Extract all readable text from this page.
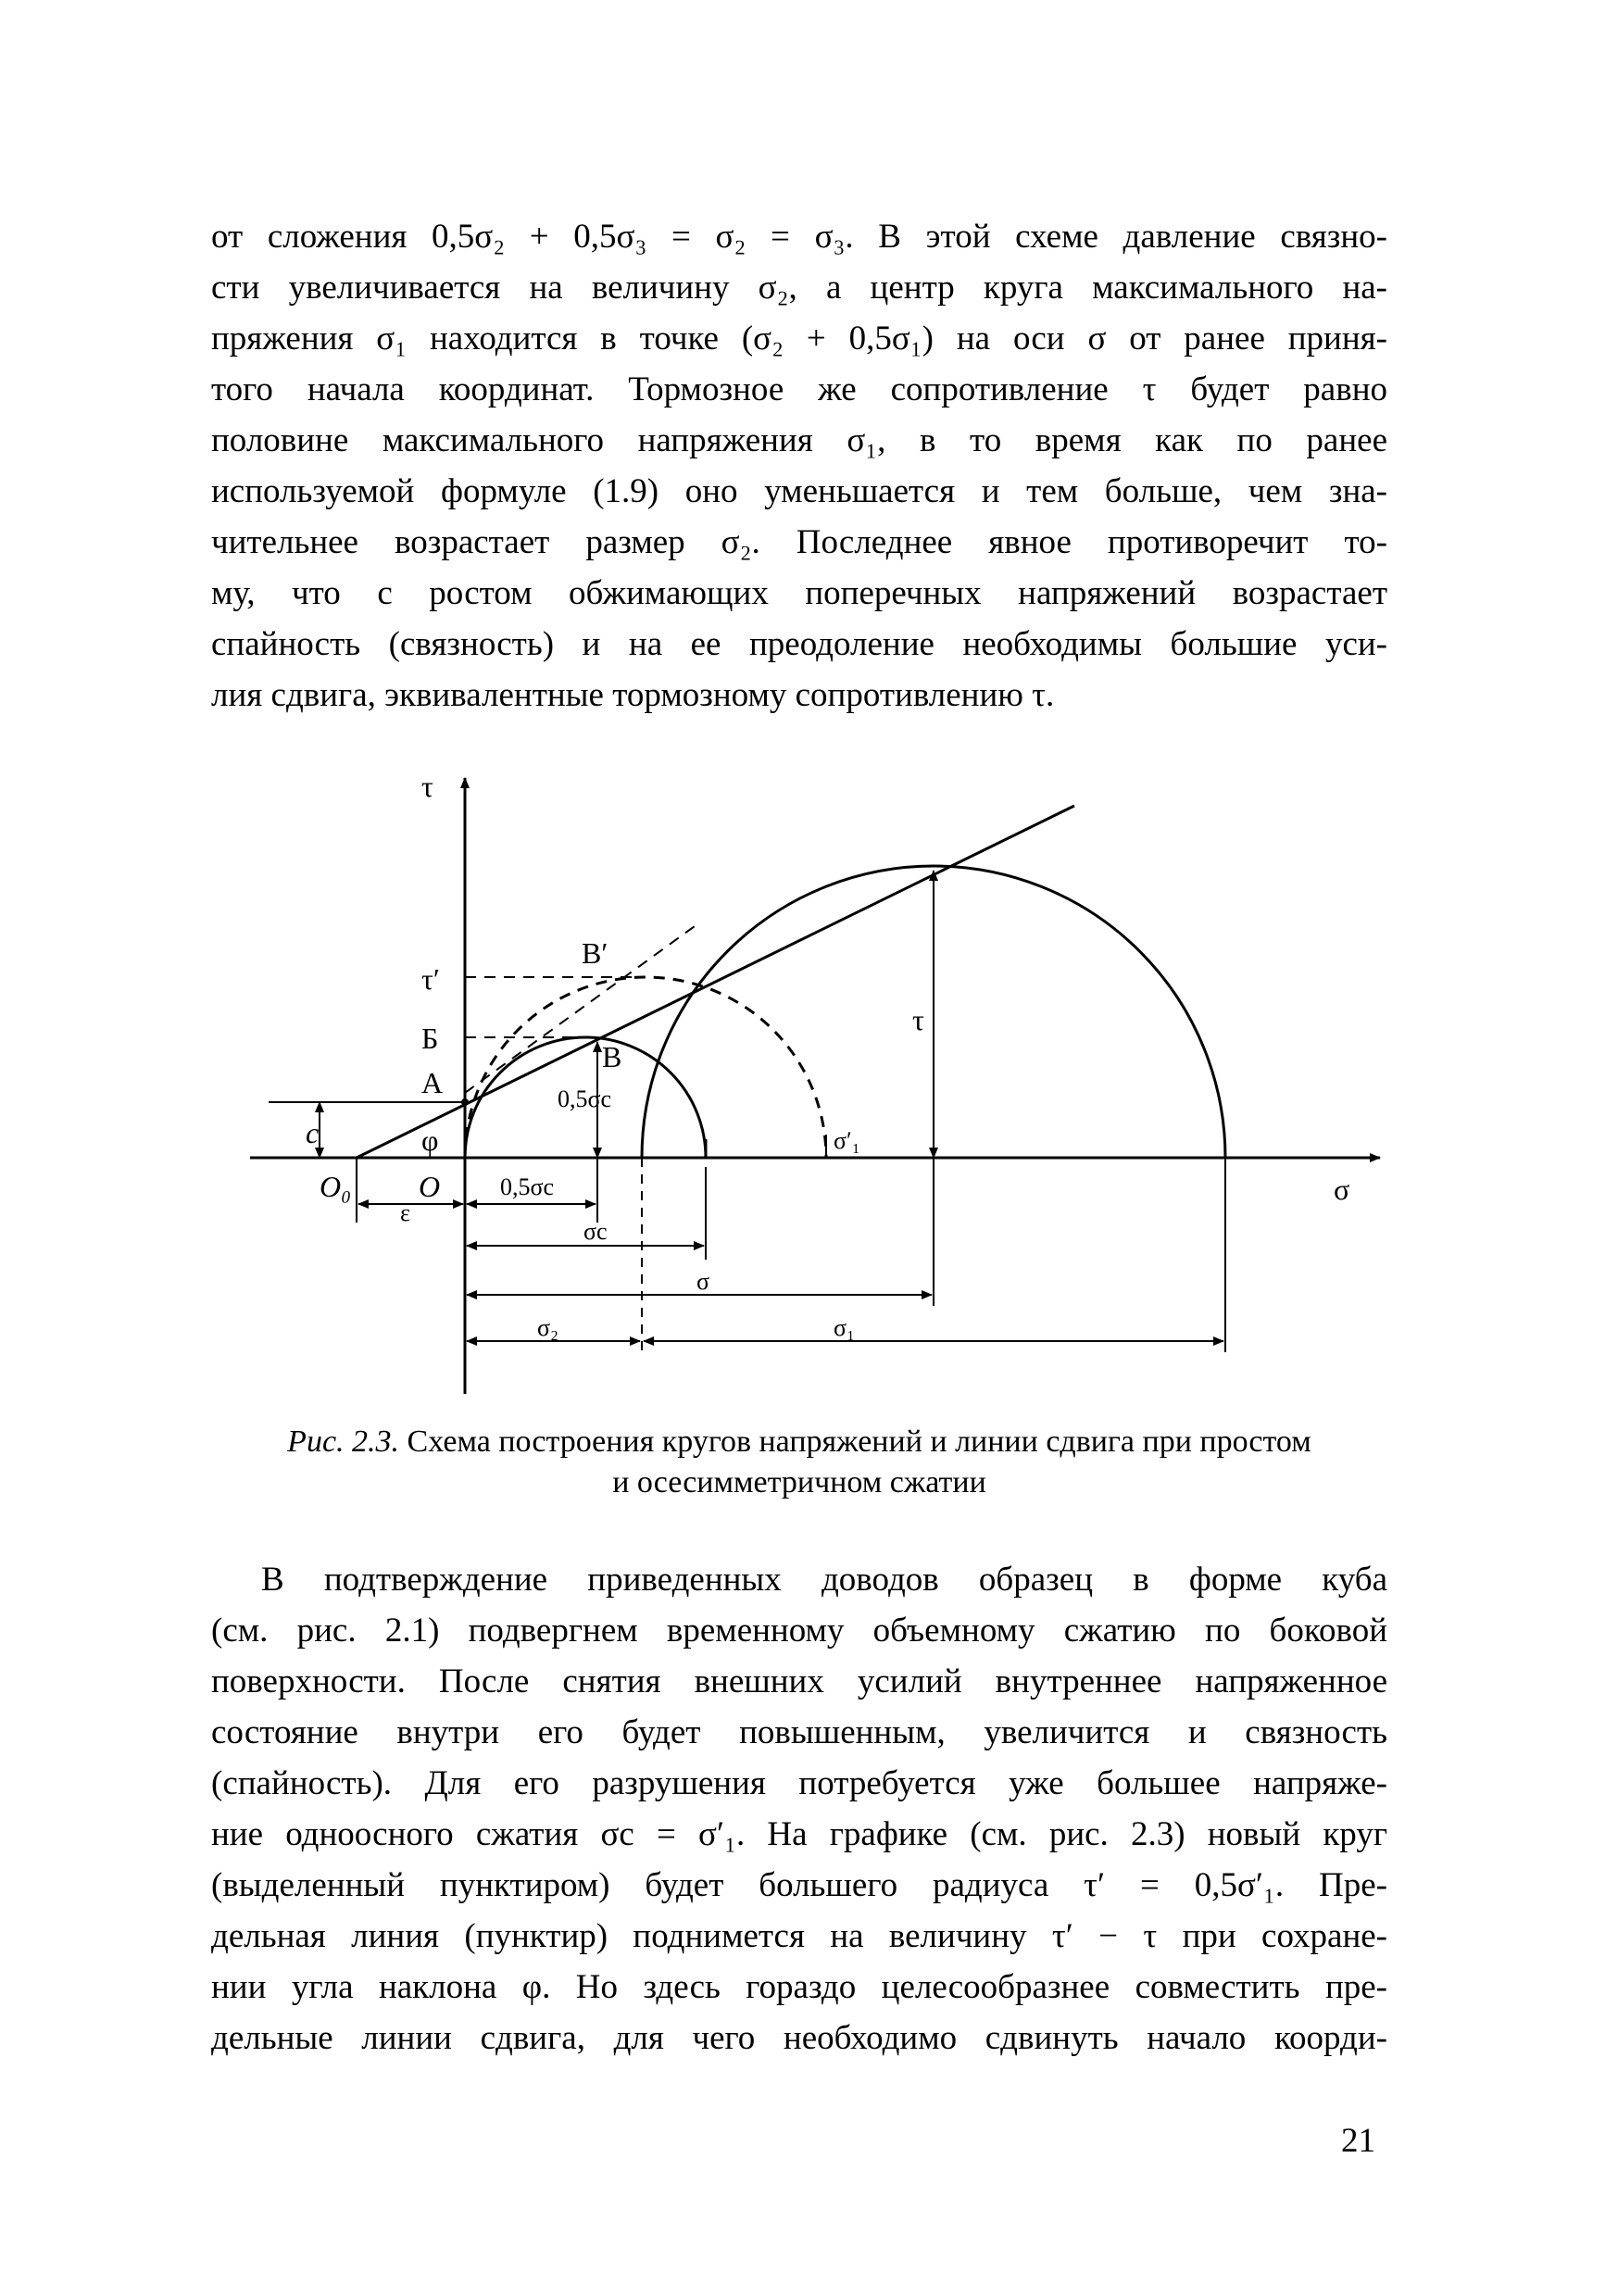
от сложения 0,5σ₂ + 0,5σ₃ = σ₂ = σ₃. В этой схеме давление связно-
сти увеличивается на величину σ₂, а центр круга максимального на-
пряжения σ₁ находится в точке (σ₂ + 0,5σ₁) на оси σ от ранее приня-
того начала координат. Тормозное же сопротивление τ будет равно
половине максимального напряжения σ₁, в то время как по ранее
используемой формуле (1.9) оно уменьшается и тем больше, чем зна-
чительнее возрастает размер σ₂. Последнее явное противоречит то-
му, что с ростом обжимающих поперечных напряжений возрастает
спайность (связность) и на ее преодоление необходимы большие уси-
лия сдвига, эквивалентные тормозному сопротивлению τ.
τ
σ
τ′
Б
А
c	φ
O₀ O
B′
В
0,5σc
σ′₁
τ
ε
0,5σc
σc
σ
σ₂	σ₁
Рис. 2.3. Схема построения кругов напряжений и линии сдвига при простом
и осесимметричном сжатии
В подтверждение приведенных доводов образец в форме куба
(см. рис. 2.1) подвергнем временному объемному сжатию по боковой
поверхности. После снятия внешних усилий внутреннее напряженное
состояние внутри его будет повышенным, увеличится и связность
(спайность). Для его разрушения потребуется уже большее напряже-
ние одноосного сжатия σc = σ′₁. На графике (см. рис. 2.3) новый круг
(выделенный пунктиром) будет большего радиуса τ′ = 0,5σ′₁. Пре-
дельная линия (пунктир) поднимется на величину τ′ − τ при сохране-
нии угла наклона φ. Но здесь гораздо целесообразнее совместить пре-
дельные линии сдвига, для чего необходимо сдвинуть начало коорди-
21
